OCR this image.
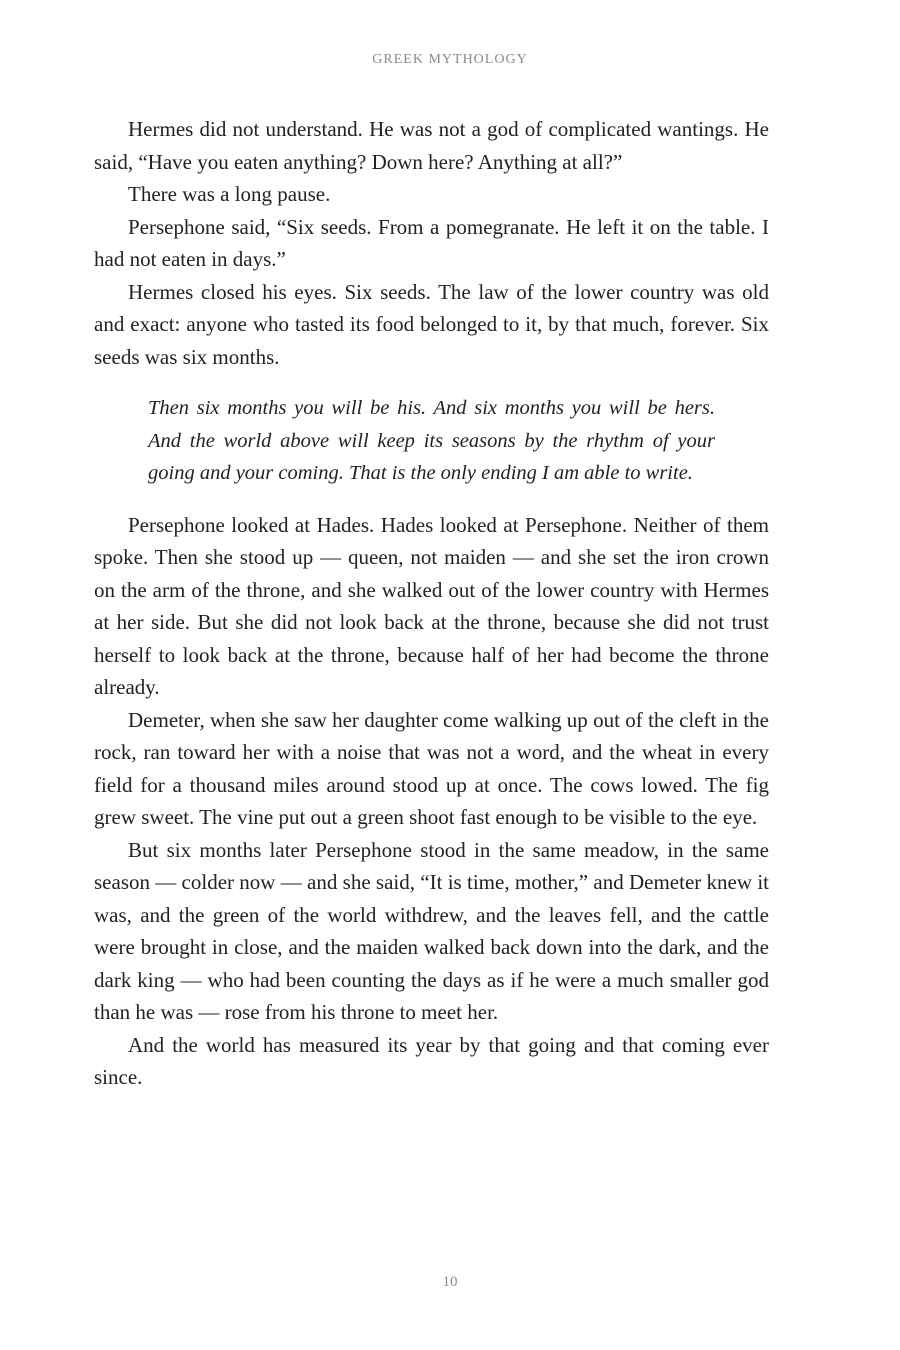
GREEK MYTHOLOGY

Hermes did not understand. He was not a god of complicated wantings. He said, “Have you eaten anything? Down here? Anything at all?”

There was a long pause.

Persephone said, “Six seeds. From a pomegranate. He left it on the table. I had not eaten in days.”

Hermes closed his eyes. Six seeds. The law of the lower country was old and exact: anyone who tasted its food belonged to it, by that much, forever. Six seeds was six months.

Then six months you will be his. And six months you will be hers. And the world above will keep its seasons by the rhythm of your going and your coming. That is the only ending I am able to write.

Persephone looked at Hades. Hades looked at Persephone. Neither of them spoke. Then she stood up — queen, not maiden — and she set the iron crown on the arm of the throne, and she walked out of the lower country with Hermes at her side. But she did not look back at the throne, because she did not trust herself to look back at the throne, because half of her had become the throne already.

Demeter, when she saw her daughter come walking up out of the cleft in the rock, ran toward her with a noise that was not a word, and the wheat in every field for a thousand miles around stood up at once. The cows lowed. The fig grew sweet. The vine put out a green shoot fast enough to be visible to the eye.

But six months later Persephone stood in the same meadow, in the same season — colder now — and she said, “It is time, mother,” and Demeter knew it was, and the green of the world withdrew, and the leaves fell, and the cattle were brought in close, and the maiden walked back down into the dark, and the dark king — who had been counting the days as if he were a much smaller god than he was — rose from his throne to meet her.

And the world has measured its year by that going and that coming ever since.

10
